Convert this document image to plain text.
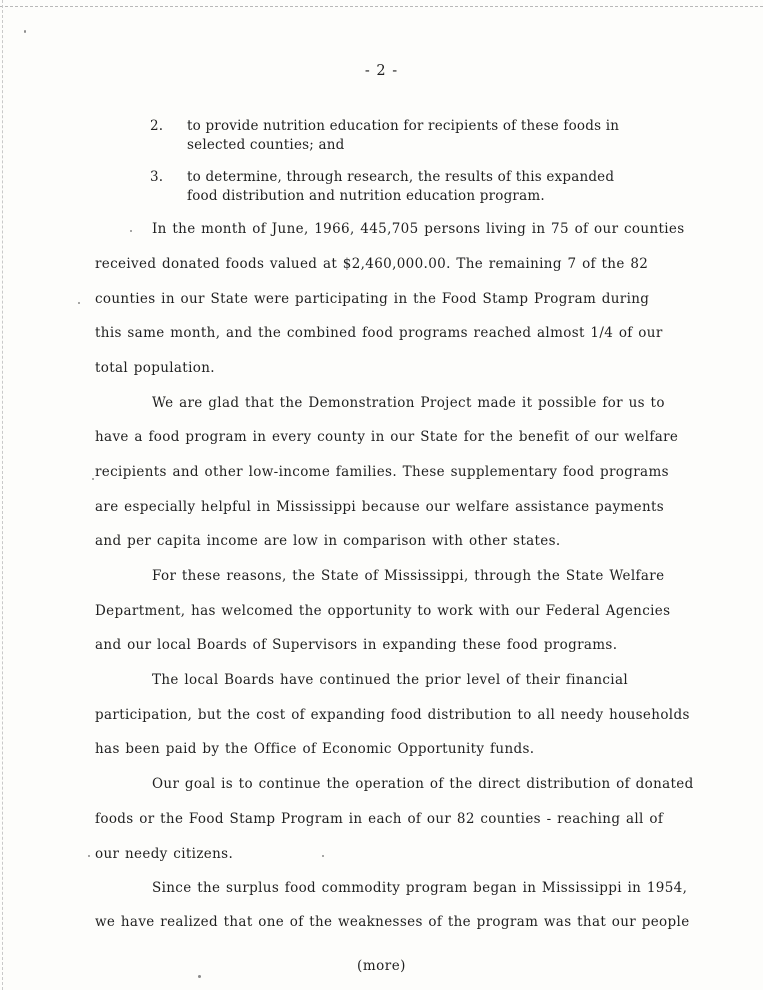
- 2 -
2. to provide nutrition education for recipients of these foods in
selected counties; and
3. to determine, through research, the results of this expanded
food distribution and nutrition education program.
In the month of June, 1966, 445,705 persons living in 75 of our counties
received donated foods valued at $2,460,000.00. The remaining 7 of the 82
counties in our State were participating in the Food Stamp Program during
this same month, and the combined food programs reached almost 1/4 of our
total population.
We are glad that the Demonstration Project made it possible for us to
have a food program in every county in our State for the benefit of our welfare
recipients and other low-income families. These supplementary food programs
are especially helpful in Mississippi because our welfare assistance payments
and per capita income are low in comparison with other states.
For these reasons, the State of Mississippi, through the State Welfare
Department, has welcomed the opportunity to work with our Federal Agencies
and our local Boards of Supervisors in expanding these food programs.
The local Boards have continued the prior level of their financial
participation, but the cost of expanding food distribution to all needy households
has been paid by the Office of Economic Opportunity funds.
Our goal is to continue the operation of the direct distribution of donated
foods or the Food Stamp Program in each of our 82 counties - reaching all of
our needy citizens.
Since the surplus food commodity program began in Mississippi in 1954,
we have realized that one of the weaknesses of the program was that our people
(more)
